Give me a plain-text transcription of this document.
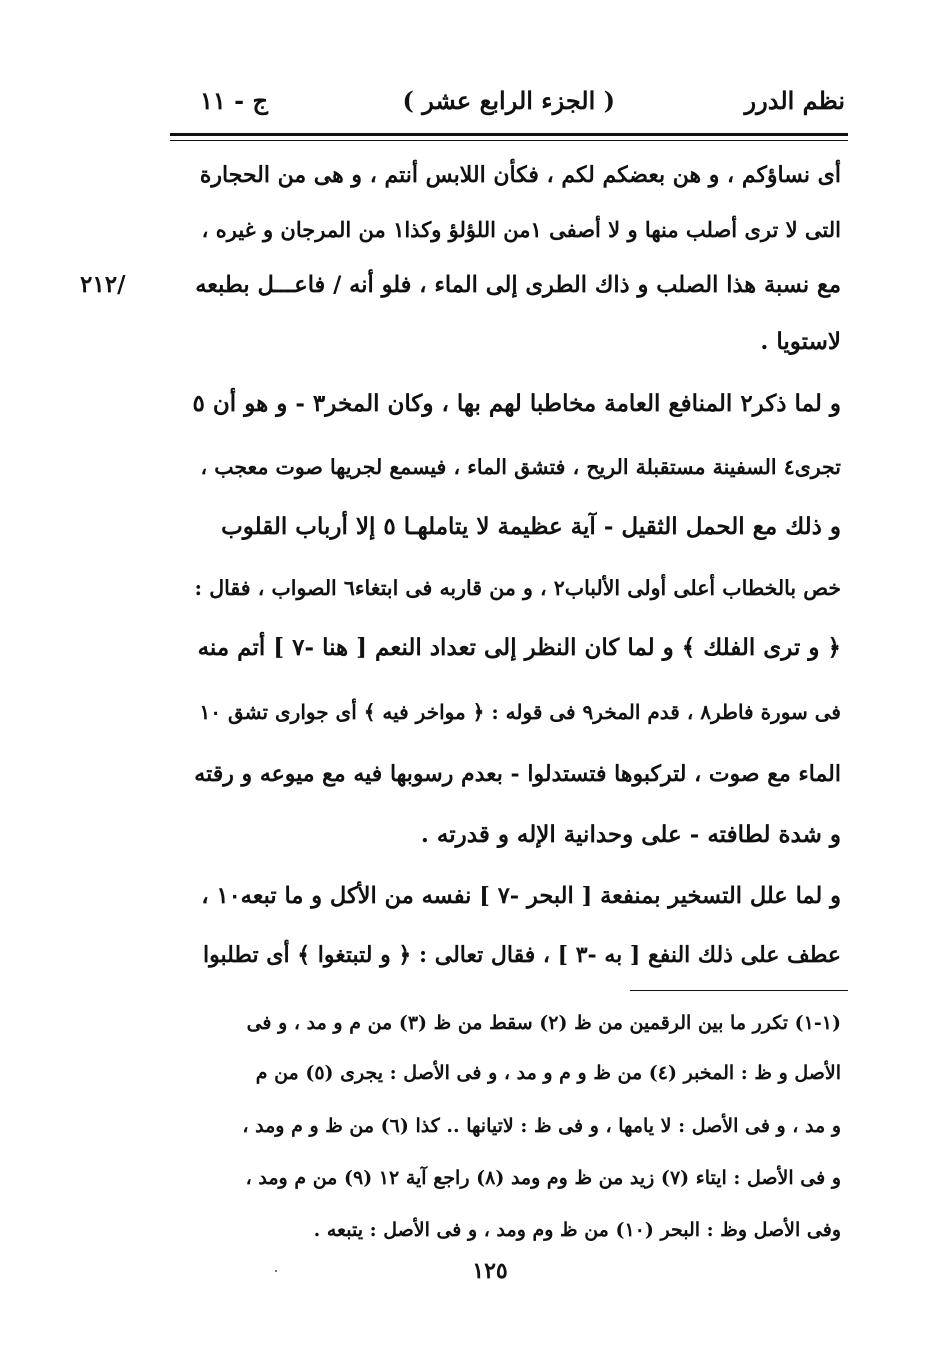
نظم الدرر
( الجزء الرابع عشر )
ج - ١١
أى نساؤكم ، و هن بعضكم لكم ، فكأن اللابس أنتم ، و هى من الحجارة
التى لا ترى أصلب منها و لا أصفى ١من اللؤلؤ وكذا١ من المرجان و غيره ،
مع نسبة هذا الصلب و ذاك الطرى إلى الماء ، فلو أنه / فاعـــل بطبعه
/٢١٢
لاستويا .
و لما ذكر٢ المنافع العامة مخاطبا لهم بها ، وكان المخر٣ - و هو أن ٥
تجرى٤ السفينة مستقبلة الريح ، فتشق الماء ، فيسمع لجريها صوت معجب ،
و ذلك مع الحمل الثقيل - آية عظيمة لا يتاملهـا ٥ إلا أرباب القلوب
خص بالخطاب أعلى أولى الألباب٢ ، و من قاربه فى ابتغاء٦ الصواب ، فقال :
﴿ و ترى الفلك ﴾ و لما كان النظر إلى تعداد النعم [ هنا -٧ ] أتم منه
فى سورة فاطر٨ ، قدم المخر٩ فى قوله : ﴿ مواخر فيه ﴾ أى جوارى تشق ١٠
الماء مع صوت ، لتركبوها فتستدلوا - بعدم رسوبها فيه مع ميوعه و رقته
و شدة لطافته - على وحدانية الإله و قدرته .
و لما علل التسخير بمنفعة [ البحر -٧ ] نفسه من الأكل و ما تبعه١٠ ،
عطف على ذلك النفع [ به -٣ ] ، فقال تعالى : ﴿ و لتبتغوا ﴾ أى تطلبوا
(١-١) تكرر ما بين الرقمين من ظ (٢) سقط من ظ (٣) من م و مد ، و فى
الأصل و ظ : المخبر (٤) من ظ و م و مد ، و فى الأصل : يجرى (٥) من م
و مد ، و فى الأصل : لا يامها ، و فى ظ : لاتيانها .. كذا (٦) من ظ و م ومد ،
و فى الأصل : ايتاء (٧) زيد من ظ وم ومد (٨) راجع آية ١٢ (٩) من م ومد ،
وفى الأصل وظ : البحر (١٠) من ظ وم ومد ، و فى الأصل : يتبعه .
١٢٥
